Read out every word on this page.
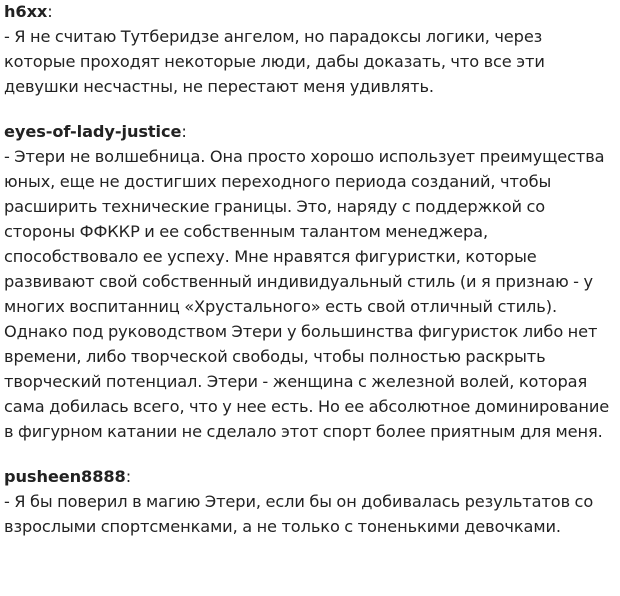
h6xx:

- Я не считаю Тутберидзе ангелом, но парадоксы логики, через которые проходят некоторые люди, дабы доказать, что все эти девушки несчастны, не перестают меня удивлять.

eyes-of-lady-justice:

- Этери не волшебница. Она просто хорошо использует преимущества юных, еще не достигших переходного периода созданий, чтобы расширить технические границы. Это, наряду с поддержкой со стороны ФФККР и ее собственным талантом менеджера, способствовало ее успеху. Мне нравятся фигуристки, которые развивают свой собственный индивидуальный стиль (и я признаю - у многих воспитанниц «Хрустального» есть свой отличный стиль). Однако под руководством Этери у большинства фигуристок либо нет времени, либо творческой свободы, чтобы полностью раскрыть творческий потенциал. Этери - женщина с железной волей, которая сама добилась всего, что у нее есть. Но ее абсолютное доминирование в фигурном катании не сделало этот спорт более приятным для меня.

pusheen8888:

- Я бы поверил в магию Этери, если бы он добивалась результатов со взрослыми спортсменками, а не только с тоненькими девочками.
